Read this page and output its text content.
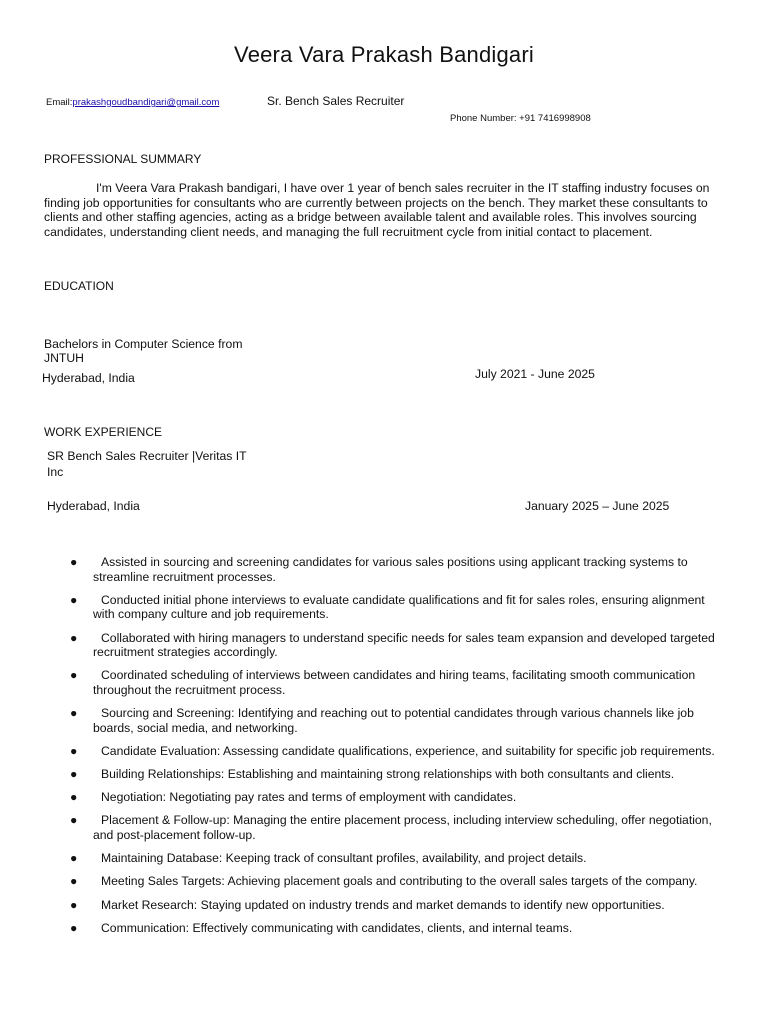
Veera Vara Prakash Bandigari
Email:prakashgoudbandigari@gmail.com	Sr. Bench Sales Recruiter
Phone Number: +91 7416998908
PROFESSIONAL SUMMARY
I'm Veera Vara Prakash bandigari, I have over 1 year of bench sales recruiter in the IT staffing industry focuses on finding job opportunities for consultants who are currently between projects on the bench. They market these consultants to clients and other staffing agencies, acting as a bridge between available talent and available roles. This involves sourcing candidates, understanding client needs, and managing the full recruitment cycle from initial contact to placement.
EDUCATION
Bachelors in Computer Science from
JNTUH
Hyderabad, India	July 2021 - June 2025
WORK EXPERIENCE
SR Bench Sales Recruiter |Veritas IT
Inc
Hyderabad, India	January 2025 – June 2025
●	Assisted in sourcing and screening candidates for various sales positions using applicant tracking systems to streamline recruitment processes.
●	Conducted initial phone interviews to evaluate candidate qualifications and fit for sales roles, ensuring alignment with company culture and job requirements.
●	Collaborated with hiring managers to understand specific needs for sales team expansion and developed targeted recruitment strategies accordingly.
●	Coordinated scheduling of interviews between candidates and hiring teams, facilitating smooth communication throughout the recruitment process.
●	Sourcing and Screening: Identifying and reaching out to potential candidates through various channels like job boards, social media, and networking.
●	Candidate Evaluation: Assessing candidate qualifications, experience, and suitability for specific job requirements.
●	Building Relationships: Establishing and maintaining strong relationships with both consultants and clients.
●	Negotiation: Negotiating pay rates and terms of employment with candidates.
●	Placement & Follow-up: Managing the entire placement process, including interview scheduling, offer negotiation, and post-placement follow-up.
●	Maintaining Database: Keeping track of consultant profiles, availability, and project details.
●	Meeting Sales Targets: Achieving placement goals and contributing to the overall sales targets of the company.
●	Market Research: Staying updated on industry trends and market demands to identify new opportunities.
●	Communication: Effectively communicating with candidates, clients, and internal teams.
